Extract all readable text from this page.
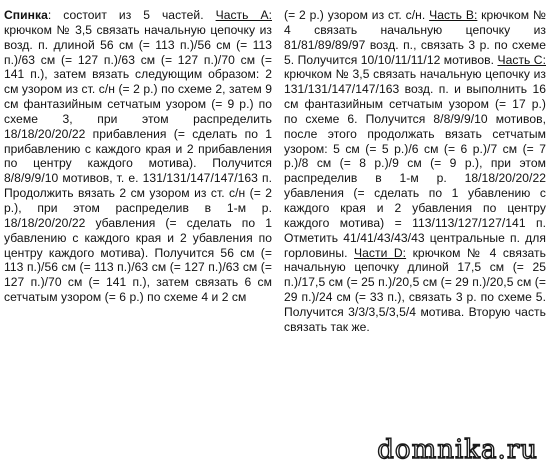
Спинка: состоит из 5 частей. Часть А: крючком № 3,5 связать начальную цепочку из возд. п. длиной 56 см (= 113 п.)/56 см (= 113 п.)/63 см (= 127 п.)/63 см (= 127 п.)/70 см (= 141 п.), затем вязать следующим образом: 2 см узором из ст. с/н (= 2 р.) по схеме 2, затем 9 см фантазийным сетчатым узором (= 9 р.) по схеме 3, при этом распределить 18/18/20/20/22 прибавления (= сделать по 1 прибавлению с каждого края и 2 прибавления по центру каждого мотива). Получится 8/8/9/9/10 мотивов, т. е. 131/131/147/147/163 п. Продолжить вязать 2 см узором из ст. с/н (= 2 р.), при этом распределив в 1-м р. 18/18/20/20/22 убавления (= сделать по 1 убавлению с каждого края и 2 убавления по центру каждого мотива). Получится 56 см (= 113 п.)/56 см (= 113 п.)/63 см (= 127 п.)/63 см (= 127 п.)/70 см (= 141 п.), затем связать 6 см сетчатым узором (= 6 р.) по схеме 4 и 2 см
(= 2 р.) узором из ст. с/н. Часть В: крючком № 4 связать начальную цепочку из 81/81/89/89/97 возд. п., связать 3 р. по схеме 5. Получится 10/10/11/11/12 мотивов. Часть С: крючком № 3,5 связать начальную цепочку из 131/131/147/147/163 возд. п. и выполнить 16 см фантазийным сетчатым узором (= 17 р.) по схеме 6. Получится 8/8/9/9/10 мотивов, после этого продолжать вязать сетчатым узором: 5 см (= 5 р.)/6 см (= 6 р.)/7 см (= 7 р.)/8 см (= 8 р.)/9 см (= 9 р.), при этом распределив в 1-м р. 18/18/20/20/22 убавления (= сделать по 1 убавлению с каждого края и 2 убавления по центру каждого мотива) = 113/113/127/127/141 п. Отметить 41/41/43/43/43 центральные п. для горловины. Части D: крючком № 4 связать начальную цепочку длиной 17,5 см (= 25 п.)/17,5 см (= 25 п.)/20,5 см (= 29 п.)/20,5 см (= 29 п.)/24 см (= 33 п.), связать 3 р. по схеме 5. Получится 3/3/3,5/3,5/4 мотива. Вторую часть связать так же.
domnika.ru
